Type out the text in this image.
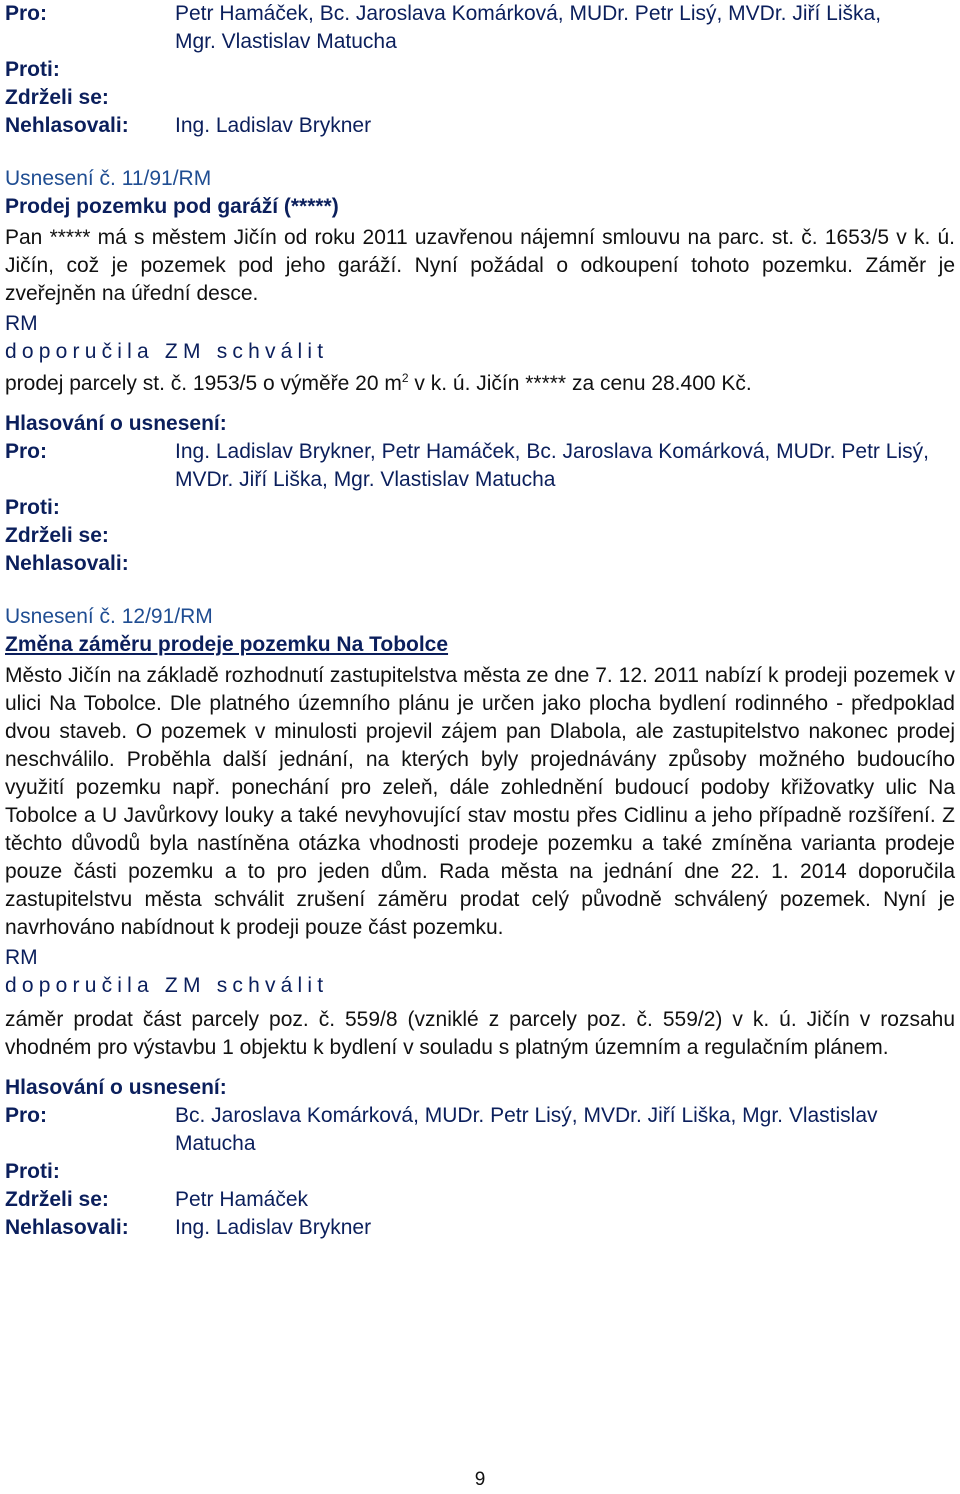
Pro:	Petr Hamáček, Bc. Jaroslava Komárková, MUDr. Petr Lisý, MVDr. Jiří Liška, Mgr. Vlastislav Matucha
Proti:
Zdrželi se:
Nehlasovali:	Ing. Ladislav Brykner
Usnesení č. 11/91/RM
Prodej pozemku pod garáží (*****)
Pan ***** má s městem Jičín od roku 2011 uzavřenou nájemní smlouvu na parc. st. č. 1653/5 v k. ú. Jičín, což je pozemek pod jeho garáží. Nyní požádal o odkoupení tohoto pozemku. Záměr je zveřejněn na úřední desce.
RM
doporučila ZM schválit
prodej parcely st. č. 1953/5 o výměře 20 $m^2$ v k. ú. Jičín ***** za cenu 28.400 Kč.
Hlasování o usnesení:
Pro:	Ing. Ladislav Brykner, Petr Hamáček, Bc. Jaroslava Komárková, MUDr. Petr Lisý, MVDr. Jiří Liška, Mgr. Vlastislav Matucha
Proti:
Zdrželi se:
Nehlasovali:
Usnesení č. 12/91/RM
Změna záměru prodeje pozemku Na Tobolce
Město Jičín na základě rozhodnutí zastupitelstva města ze dne 7. 12. 2011 nabízí k prodeji pozemek v ulici Na Tobolce. Dle platného územního plánu je určen jako plocha bydlení rodinného - předpoklad dvou staveb. O pozemek v minulosti projevil zájem pan Dlabola, ale zastupitelstvo nakonec prodej neschválilo. Proběhla další jednání, na kterých byly projednávány způsoby možného budoucího využití pozemku např. ponechání pro zeleň, dále zohlednění budoucí podoby křižovatky ulic Na Tobolce a U Javůrkovy louky a také nevyhovující stav mostu přes Cidlinu a jeho případně rozšíření. Z těchto důvodů byla nastíněna otázka vhodnosti prodeje pozemku a také zmíněna varianta prodeje pouze části pozemku a to pro jeden dům. Rada města na jednání dne 22. 1. 2014 doporučila zastupitelstvu města schválit zrušení záměru prodat celý původně schválený pozemek. Nyní je navrhováno nabídnout k prodeji pouze část pozemku.
RM
doporučila ZM schválit
záměr prodat část parcely poz. č. 559/8 (vzniklé z parcely poz. č. 559/2) v k. ú. Jičín v rozsahu vhodném pro výstavbu 1 objektu k bydlení v souladu s platným územním a regulačním plánem.
Hlasování o usnesení:
Pro:	Bc. Jaroslava Komárková, MUDr. Petr Lisý, MVDr. Jiří Liška, Mgr. Vlastislav Matucha
Proti:
Zdrželi se:	Petr Hamáček
Nehlasovali:	Ing. Ladislav Brykner
9
